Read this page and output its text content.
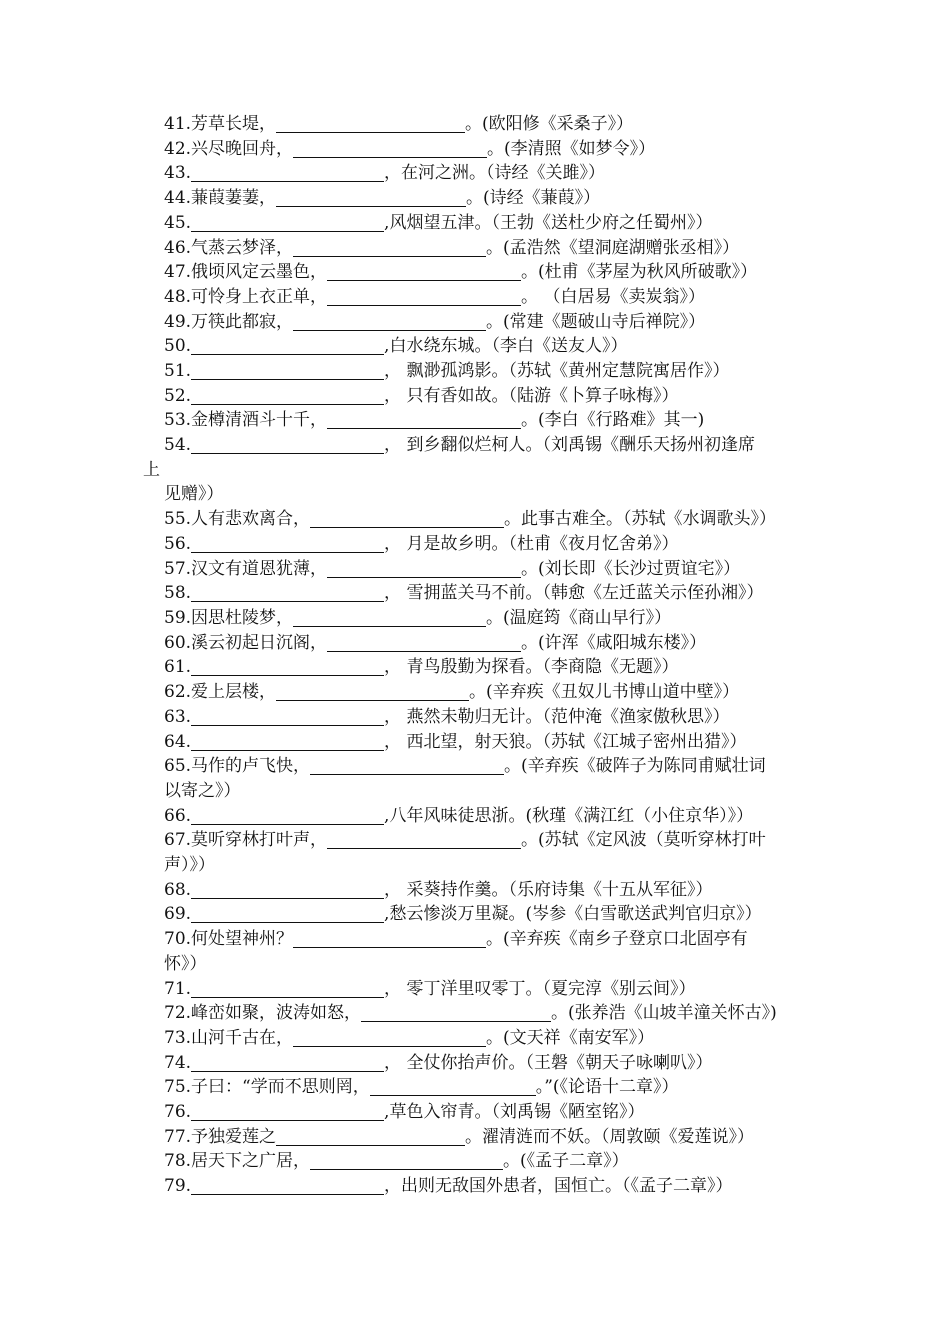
41.芳草长堤，	。(欧阳修《采桑子》）
42.兴尽晚回舟，	。(李清照《如梦令》）
43.	，在河之洲。（诗经《关雎》）
44.蒹葭萋萋，	。(诗经《蒹葭》）
45.	,风烟望五津。（王勃《送杜少府之任蜀州》）
46.气蒸云梦泽，	。(孟浩然《望洞庭湖赠张丞相》）
47.俄顷风定云墨色，	。(杜甫《茅屋为秋风所破歌》）
48.可怜身上衣正单，	。 （白居易《卖炭翁》）
49.万筷此都寂，	。(常建《题破山寺后禅院》）
50.	,白水绕东城。（李白《送友人》）
51.	， 飘渺孤鸿影。（苏轼《黄州定慧院寓居作》）
52.	， 只有香如故。（陆游《卜算子咏梅》）
53.金樽清酒斗十千，	。(李白《行路难》其一)
54.	， 到乡翻似烂柯人。（刘禹锡《酬乐天扬州初逢席
上
见赠》）
55.人有悲欢离合，	。此事古难全。（苏轼《水调歌头》）
56.	， 月是故乡明。（杜甫《夜月忆舍弟》）
57.汉文有道恩犹薄，	。(刘长即《长沙过贾谊宅》）
58.	， 雪拥蓝关马不前。（韩愈《左迁蓝关示侄孙湘》）
59.因思杜陵梦，	。(温庭筠《商山早行》）
60.溪云初起日沉阁，	。(许浑《咸阳城东楼》）
61.	， 青鸟殷勤为探看。（李商隐《无题》）
62.爱上层楼，	。(辛弃疾《丑奴儿书博山道中壁》）
63.	， 燕然未勒归无计。（范仲淹《渔家傲秋思》）
64.	， 西北望，射天狼。（苏轼《江城子密州出猎》）
65.马作的卢飞快，	。(辛弃疾《破阵子为陈同甫赋壮词
以寄之》）
66.	,八年风味徒思浙。(秋瑾《满江红（小住京华）》）
67.莫听穿林打叶声，	。(苏轼《定风波（莫听穿林打叶
声）》）
68.	， 采葵持作羹。（乐府诗集《十五从军征》）
69.	,愁云惨淡万里凝。(岑参《白雪歌送武判官归京》）
70.何处望神州？	。(辛弃疾《南乡子登京口北固亭有
怀》）
71.	， 零丁洋里叹零丁。（夏完淳《别云间》）
72.峰峦如聚，波涛如怒，	。(张养浩《山坡羊潼关怀古》)
73.山河千古在，	。(文天祥《南安军》）
74.	， 全仗你抬声价。（王磐《朝天子咏喇叭》）
75.子曰：“学而不思则罔，	。”(《论语十二章》）
76.	,草色入帘青。（刘禹锡《陋室铭》）
77.予独爱莲之	。濯清涟而不妖。（周敦颐《爱莲说》）
78.居天下之广居，	。(《孟子二章》）
79.	，出则无敌国外患者，国恒亡。（《孟子二章》）
